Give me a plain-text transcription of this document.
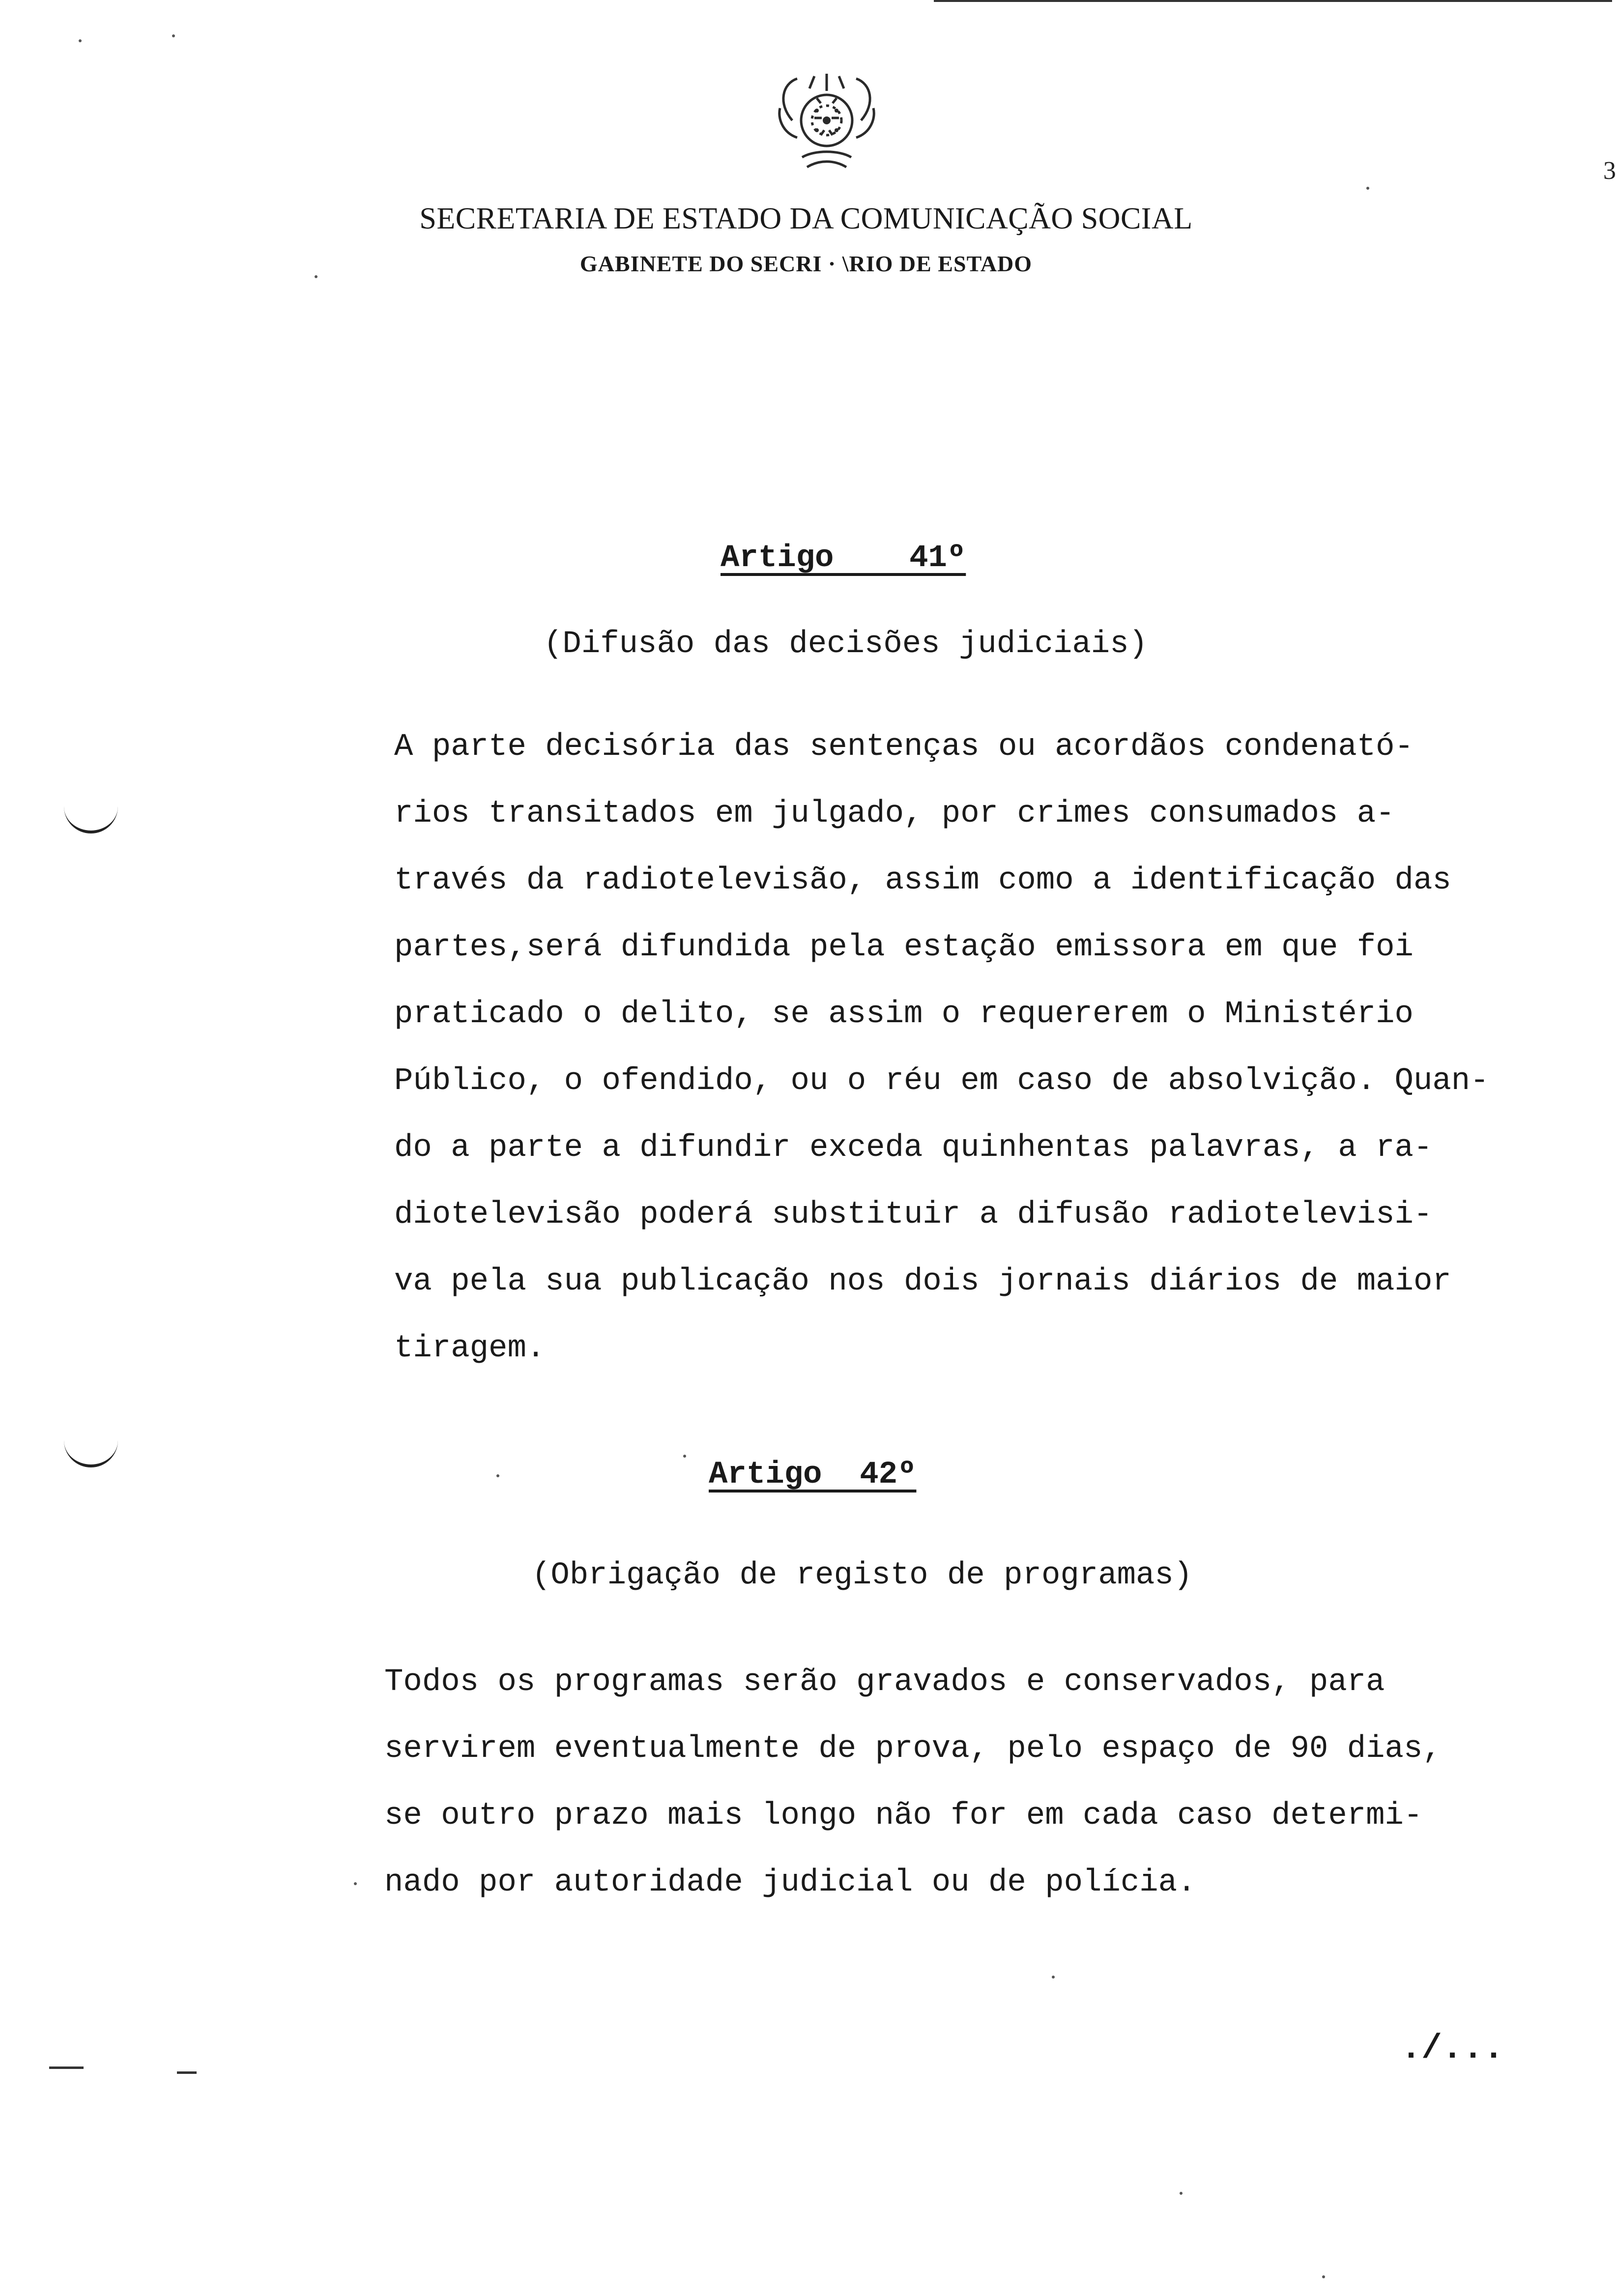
3
SECRETARIA DE ESTADO DA COMUNICAÇÃO SOCIAL
GABINETE DO SECRI · \RIO DE ESTADO
Artigo    41º
(Difusão das decisões judiciais)
A parte decisória das sentenças ou acordãos condenató-
rios transitados em julgado, por crimes consumados a-
través da radiotelevisão, assim como a identificação das
partes,será difundida pela estação emissora em que foi
praticado o delito, se assim o requererem o Ministério
Público, o ofendido, ou o réu em caso de absolvição. Quan-
do a parte a difundir exceda quinhentas palavras, a ra-
diotelevisão poderá substituir a difusão radiotelevisi-
va pela sua publicação nos dois jornais diários de maior
tiragem.
Artigo  42º
(Obrigação de registo de programas)
Todos os programas serão gravados e conservados, para
servirem eventualmente de prova, pelo espaço de 90 dias,
se outro prazo mais longo não for em cada caso determi-
nado por autoridade judicial ou de polícia.
./...
